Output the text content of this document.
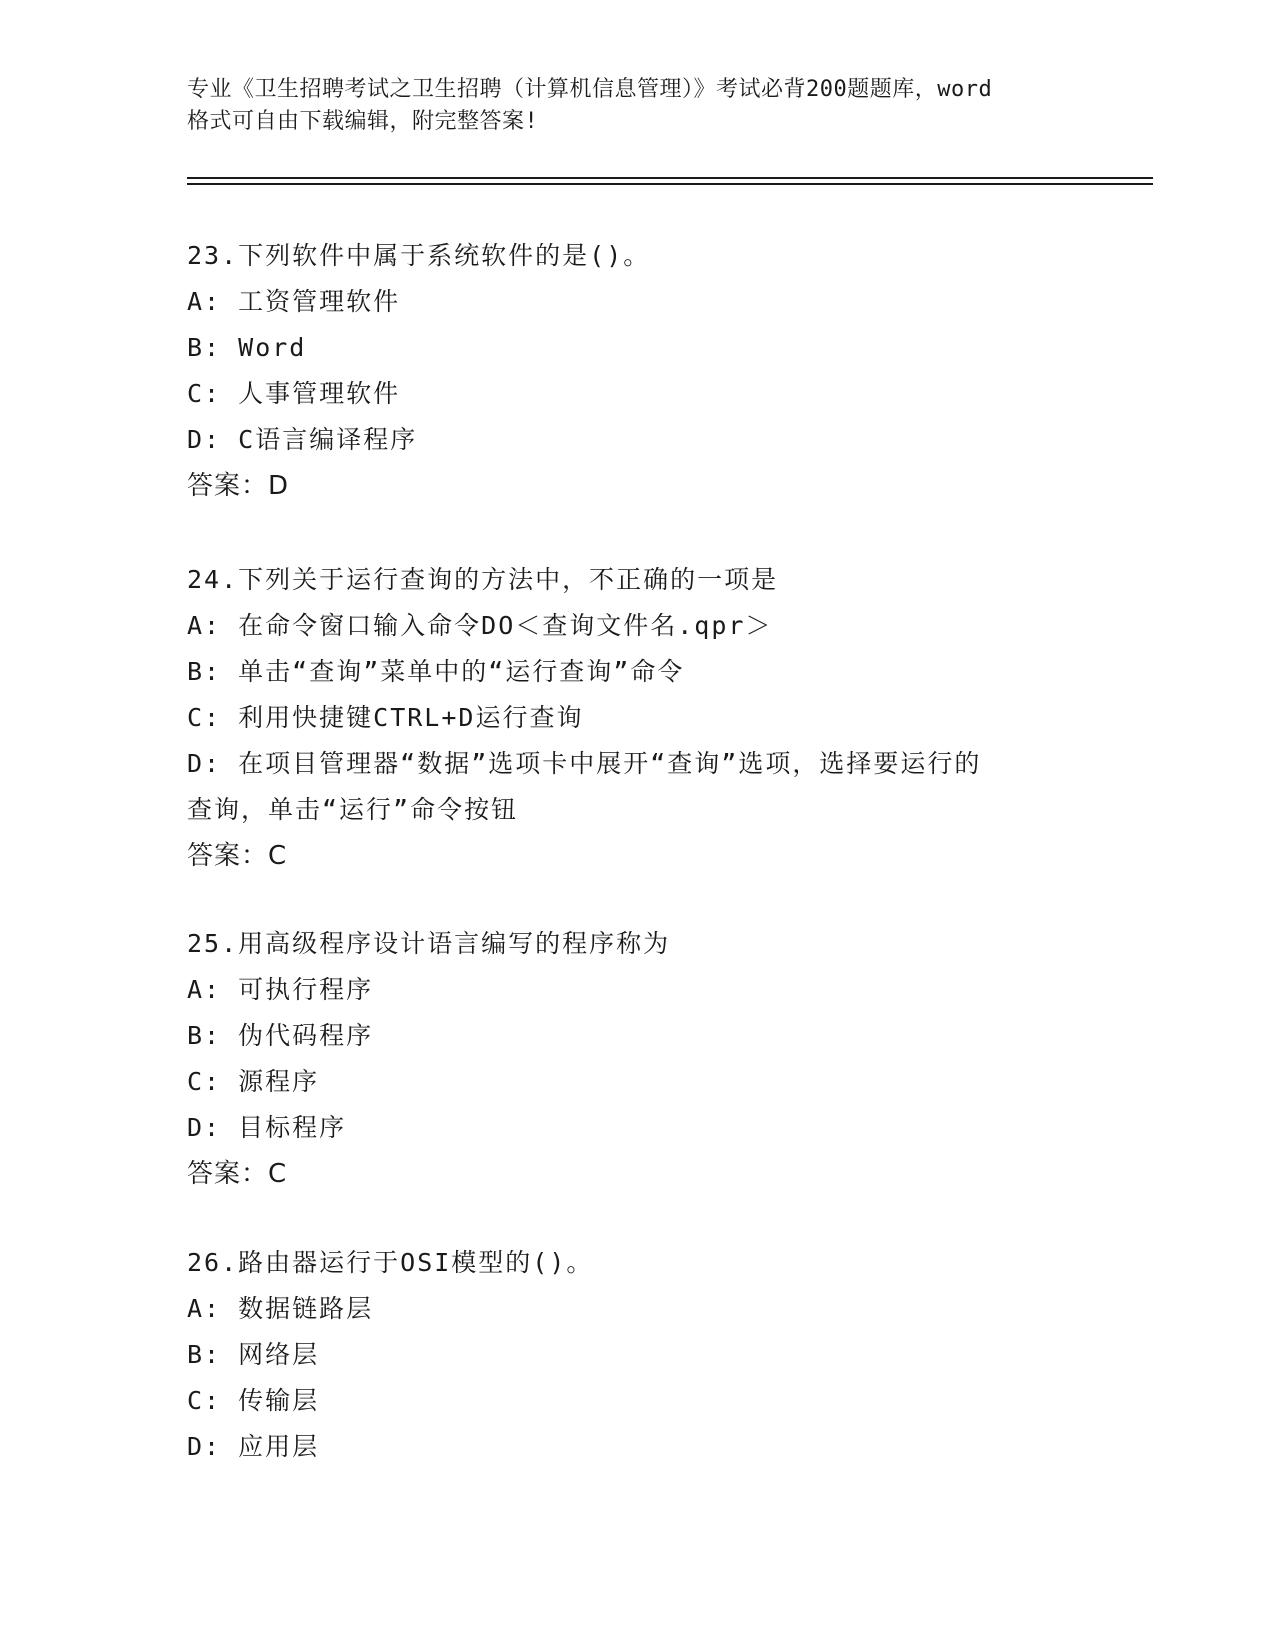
专业《卫生招聘考试之卫生招聘（计算机信息管理）》考试必背200题题库，word
格式可自由下载编辑，附完整答案!
23.下列软件中属于系统软件的是()。
A: 工资管理软件
B: Word
C: 人事管理软件
D: C语言编译程序
答案：D
24.下列关于运行查询的方法中，不正确的一项是
A: 在命令窗口输入命令DO＜查询文件名.qpr＞
B: 单击“查询”菜单中的“运行查询”命令
C: 利用快捷键CTRL+D运行查询
D: 在项目管理器“数据”选项卡中展开“查询”选项，选择要运行的
查询，单击“运行”命令按钮
答案：C
25.用高级程序设计语言编写的程序称为
A: 可执行程序
B: 伪代码程序
C: 源程序
D: 目标程序
答案：C
26.路由器运行于OSI模型的()。
A: 数据链路层
B: 网络层
C: 传输层
D: 应用层
